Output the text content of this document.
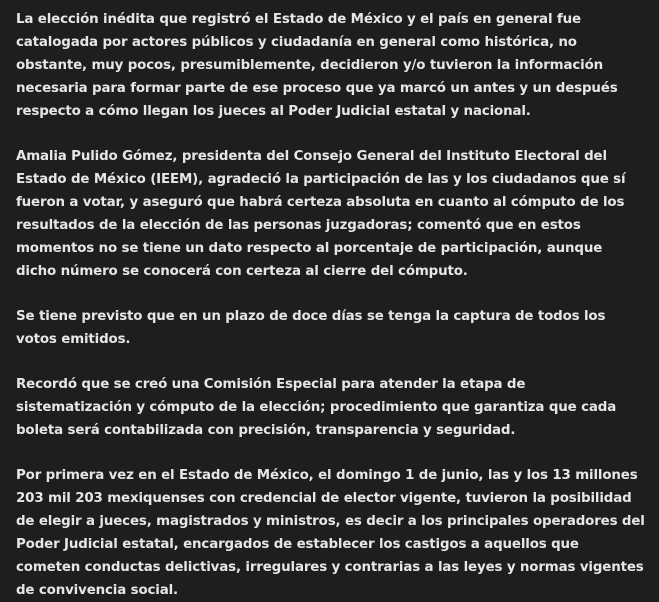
La elección inédita que registró el Estado de México y el país en general fue catalogada por actores públicos y ciudadanía en general como histórica, no obstante, muy pocos, presumiblemente, decidieron y/o tuvieron la información necesaria para formar parte de ese proceso que ya marcó un antes y un después respecto a cómo llegan los jueces al Poder Judicial estatal y nacional.

Amalia Pulido Gómez, presidenta del Consejo General del Instituto Electoral del Estado de México (IEEM), agradeció la participación de las y los ciudadanos que sí fueron a votar, y aseguró que habrá certeza absoluta en cuanto al cómputo de los resultados de la elección de las personas juzgadoras; comentó que en estos momentos no se tiene un dato respecto al porcentaje de participación, aunque dicho número se conocerá con certeza al cierre del cómputo.

Se tiene previsto que en un plazo de doce días se tenga la captura de todos los votos emitidos.

Recordó que se creó una Comisión Especial para atender la etapa de sistematización y cómputo de la elección; procedimiento que garantiza que cada boleta será contabilizada con precisión, transparencia y seguridad.

Por primera vez en el Estado de México, el domingo 1 de junio, las y los 13 millones 203 mil 203 mexiquenses con credencial de elector vigente, tuvieron la posibilidad de elegir a jueces, magistrados y ministros, es decir a los principales operadores del Poder Judicial estatal, encargados de establecer los castigos a aquellos que cometen conductas delictivas, irregulares y contrarias a las leyes y normas vigentes de convivencia social.
